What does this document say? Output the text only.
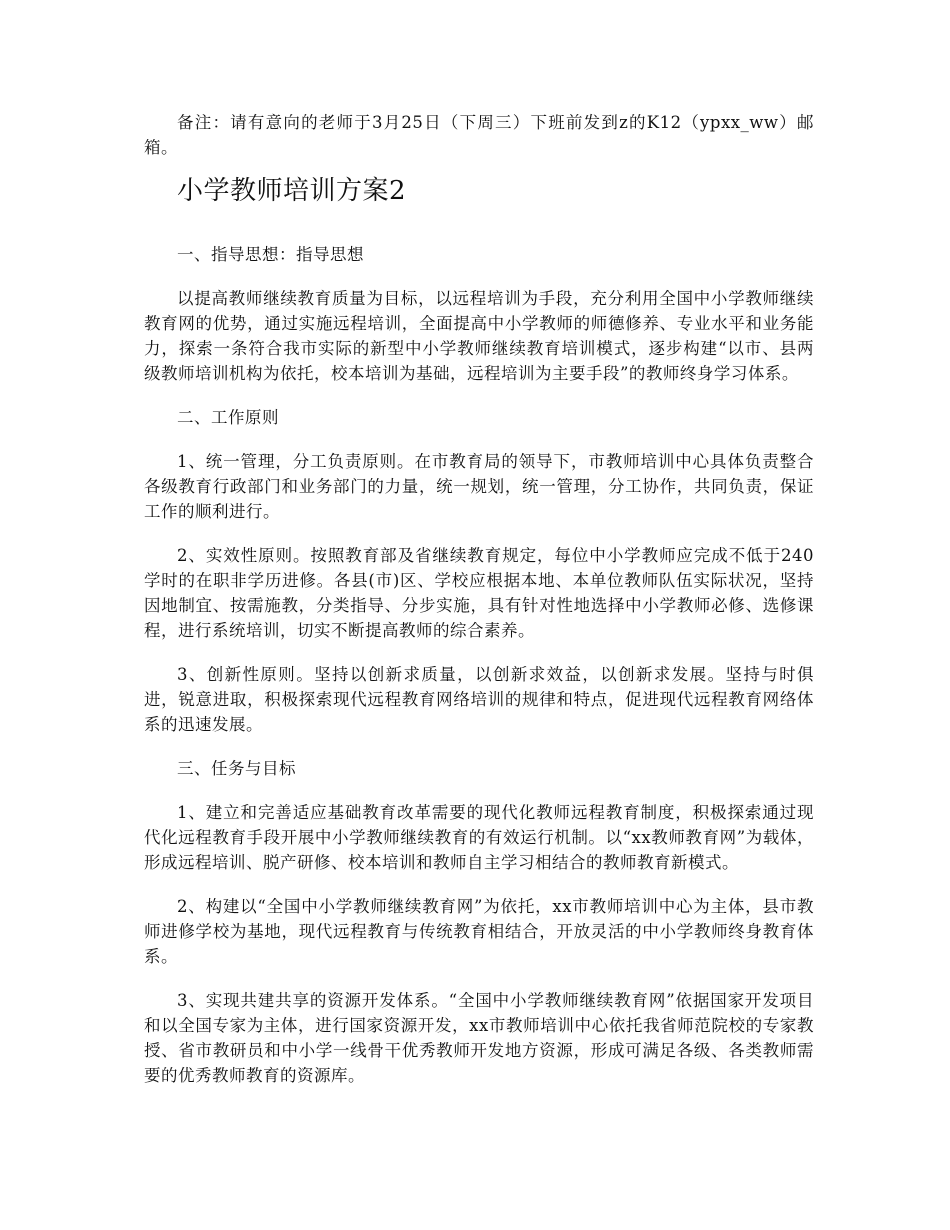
备注：请有意向的老师于3月25日（下周三）下班前发到z的K12（ypxx_ww）邮箱。

小学教师培训方案2

一、指导思想：指导思想

以提高教师继续教育质量为目标，以远程培训为手段，充分利用全国中小学教师继续教育网的优势，通过实施远程培训，全面提高中小学教师的师德修养、专业水平和业务能力，探索一条符合我市实际的新型中小学教师继续教育培训模式，逐步构建“以市、县两级教师培训机构为依托，校本培训为基础，远程培训为主要手段”的教师终身学习体系。

二、工作原则

1、统一管理，分工负责原则。在市教育局的领导下，市教师培训中心具体负责整合各级教育行政部门和业务部门的力量，统一规划，统一管理，分工协作，共同负责，保证工作的顺利进行。

2、实效性原则。按照教育部及省继续教育规定，每位中小学教师应完成不低于240学时的在职非学历进修。各县(市)区、学校应根据本地、本单位教师队伍实际状况，坚持因地制宜、按需施教，分类指导、分步实施，具有针对性地选择中小学教师必修、选修课程，进行系统培训，切实不断提高教师的综合素养。

3、创新性原则。坚持以创新求质量，以创新求效益，以创新求发展。坚持与时俱进，锐意进取，积极探索现代远程教育网络培训的规律和特点，促进现代远程教育网络体系的迅速发展。

三、任务与目标

1、建立和完善适应基础教育改革需要的现代化教师远程教育制度，积极探索通过现代化远程教育手段开展中小学教师继续教育的有效运行机制。以“xx教师教育网”为载体，形成远程培训、脱产研修、校本培训和教师自主学习相结合的教师教育新模式。

2、构建以“全国中小学教师继续教育网”为依托，xx市教师培训中心为主体，县市教师进修学校为基地，现代远程教育与传统教育相结合，开放灵活的中小学教师终身教育体系。

3、实现共建共享的资源开发体系。“全国中小学教师继续教育网”依据国家开发项目和以全国专家为主体，进行国家资源开发，xx市教师培训中心依托我省师范院校的专家教授、省市教研员和中小学一线骨干优秀教师开发地方资源，形成可满足各级、各类教师需要的优秀教师教育的资源库。
